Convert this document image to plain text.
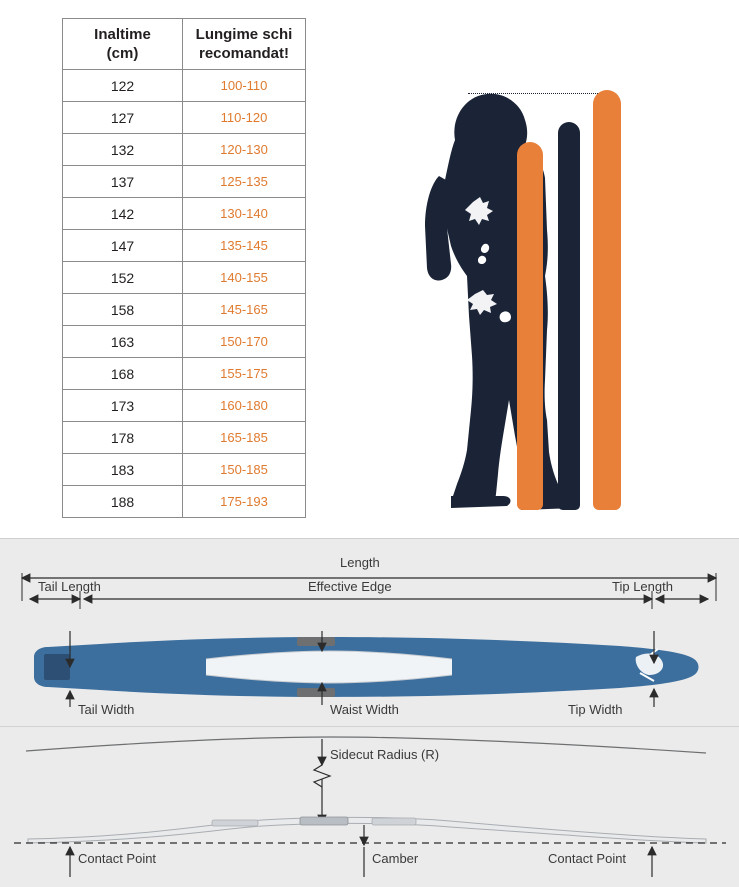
Inaltime
(cm)	Lungime schi
recomandat!
122	100-110
127	110-120
132	120-130
137	125-135
142	130-140
147	135-145
152	140-155
158	145-165
163	150-170
168	155-175
173	160-180
178	165-185
183	150-185
188	175-193
Length
Tail Length	Effective Edge	Tip Length
Tail Width	Waist Width	Tip Width
Sidecut Radius (R)
Contact Point	Camber	Contact Point
